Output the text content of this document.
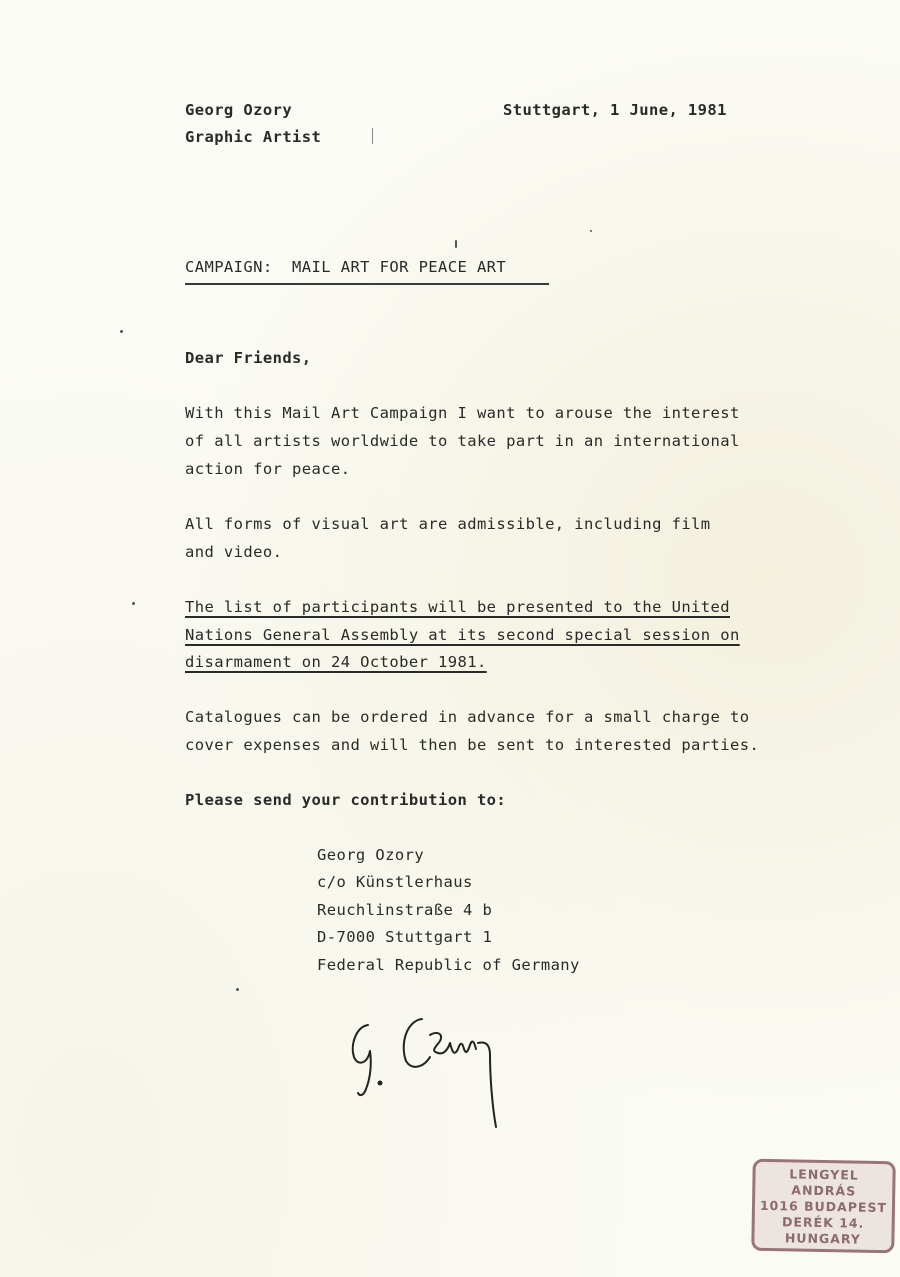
Georg Ozory
Graphic Artist
Stuttgart, 1 June, 1981
CAMPAIGN:  MAIL ART FOR PEACE ART
Dear Friends,
With this Mail Art Campaign I want to arouse the interest
of all artists worldwide to take part in an international
action for peace.
All forms of visual art are admissible, including film
and video.
The list of participants will be presented to the United
Nations General Assembly at its second special session on
disarmament on 24 October 1981.
Catalogues can be ordered in advance for a small charge to
cover expenses and will then be sent to interested parties.
Please send your contribution to:
Georg Ozory
c/o Künstlerhaus
Reuchlinstraße 4 b
D-7000 Stuttgart 1
Federal Republic of Germany
LENGYEL
ANDRÁS
1016 BUDAPEST
DERÉK 14.
HUNGARY
